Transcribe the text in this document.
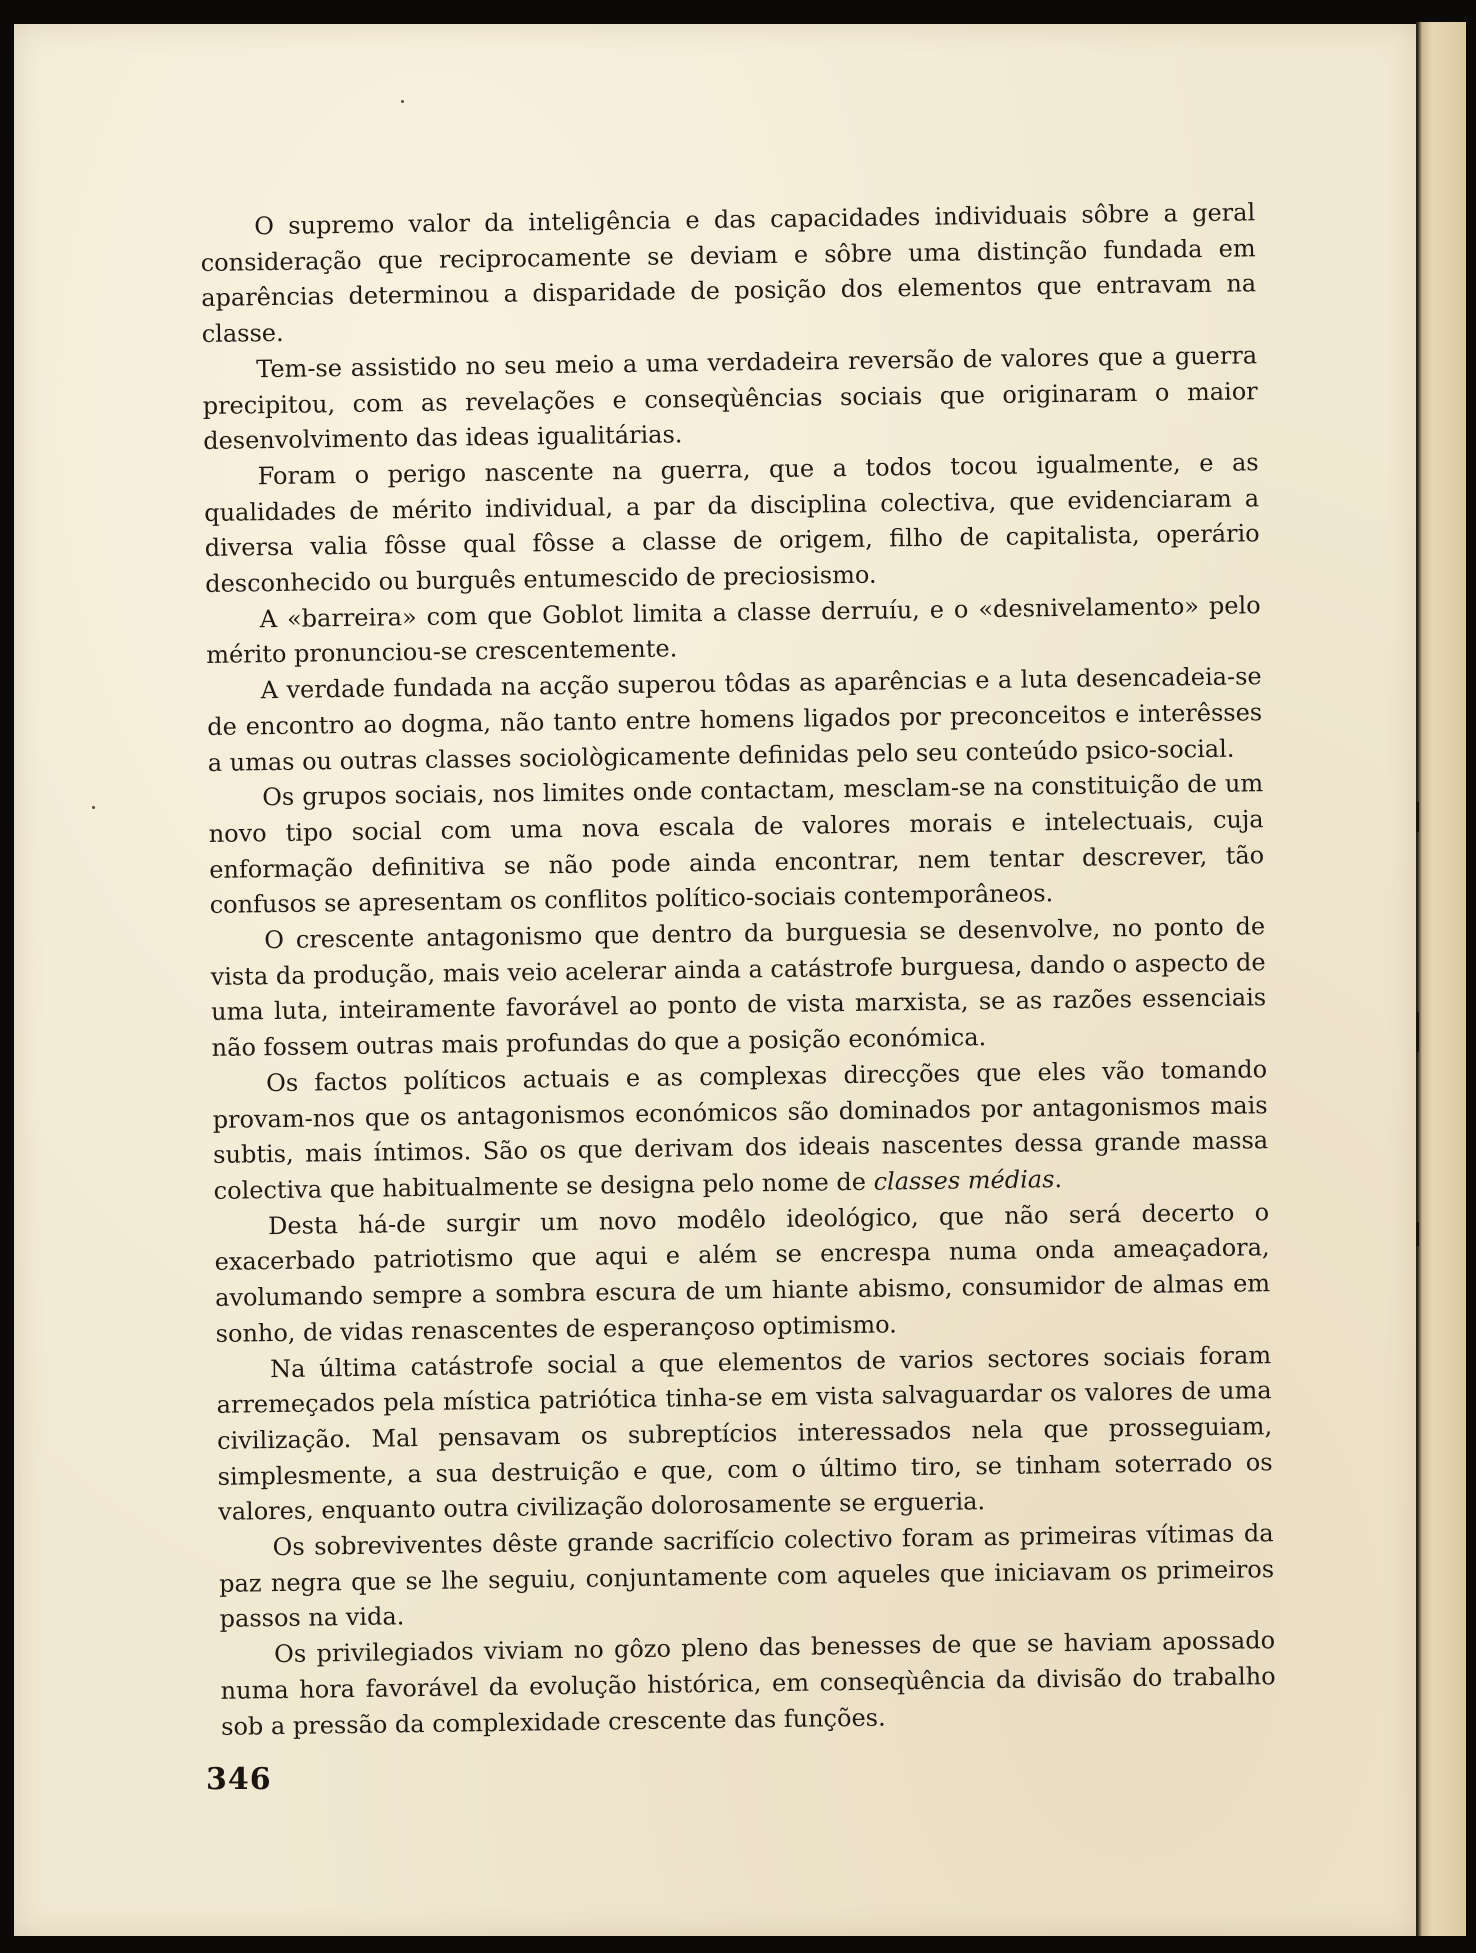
O supremo valor da inteligência e das capacidades individuais sôbre a geral consideração que reciprocamente se deviam e sôbre uma distinção fundada em aparências determinou a disparidade de posição dos elementos que entravam na classe.

Tem-se assistido no seu meio a uma verdadeira reversão de valores que a guerra precipitou, com as revelações e conseqùências sociais que originaram o maior desenvolvimento das ideas igualitárias.

Foram o perigo nascente na guerra, que a todos tocou igualmente, e as qualidades de mérito individual, a par da disciplina colectiva, que evidenciaram a diversa valia fôsse qual fôsse a classe de origem, filho de capitalista, operário desconhecido ou burguês entumescido de preciosismo.

A «barreira» com que Goblot limita a classe derruíu, e o «desnivelamento» pelo mérito pronunciou-se crescentemente.

A verdade fundada na acção superou tôdas as aparências e a luta desencadeia-se de encontro ao dogma, não tanto entre homens ligados por preconceitos e interêsses a umas ou outras classes sociològicamente definidas pelo seu conteúdo psico-social.

Os grupos sociais, nos limites onde contactam, mesclam-se na constituição de um novo tipo social com uma nova escala de valores morais e intelectuais, cuja enformação definitiva se não pode ainda encontrar, nem tentar descrever, tão confusos se apresentam os conflitos político-sociais contemporâneos.

O crescente antagonismo que dentro da burguesia se desenvolve, no ponto de vista da produção, mais veio acelerar ainda a catástrofe burguesa, dando o aspecto de uma luta, inteiramente favorável ao ponto de vista marxista, se as razões essenciais não fossem outras mais profundas do que a posição económica.

Os factos políticos actuais e as complexas direcções que eles vão tomando provam-nos que os antagonismos económicos são dominados por antagonismos mais subtis, mais íntimos. São os que derivam dos ideais nascentes dessa grande massa colectiva que habitualmente se designa pelo nome de classes médias.

Desta há-de surgir um novo modêlo ideológico, que não será decerto o exacerbado patriotismo que aqui e além se encrespa numa onda ameaçadora, avolumando sempre a sombra escura de um hiante abismo, consumidor de almas em sonho, de vidas renascentes de esperançoso optimismo.

Na última catástrofe social a que elementos de varios sectores sociais foram arremeçados pela mística patriótica tinha-se em vista salvaguardar os valores de uma civilização. Mal pensavam os subreptícios interessados nela que prosseguiam, simplesmente, a sua destruição e que, com o último tiro, se tinham soterrado os valores, enquanto outra civilização dolorosamente se ergueria.

Os sobreviventes dêste grande sacrifício colectivo foram as primeiras vítimas da paz negra que se lhe seguiu, conjuntamente com aqueles que iniciavam os primeiros passos na vida.

Os privilegiados viviam no gôzo pleno das benesses de que se haviam apossado numa hora favorável da evolução histórica, em conseqùência da divisão do trabalho sob a pressão da complexidade crescente das funções.

346
